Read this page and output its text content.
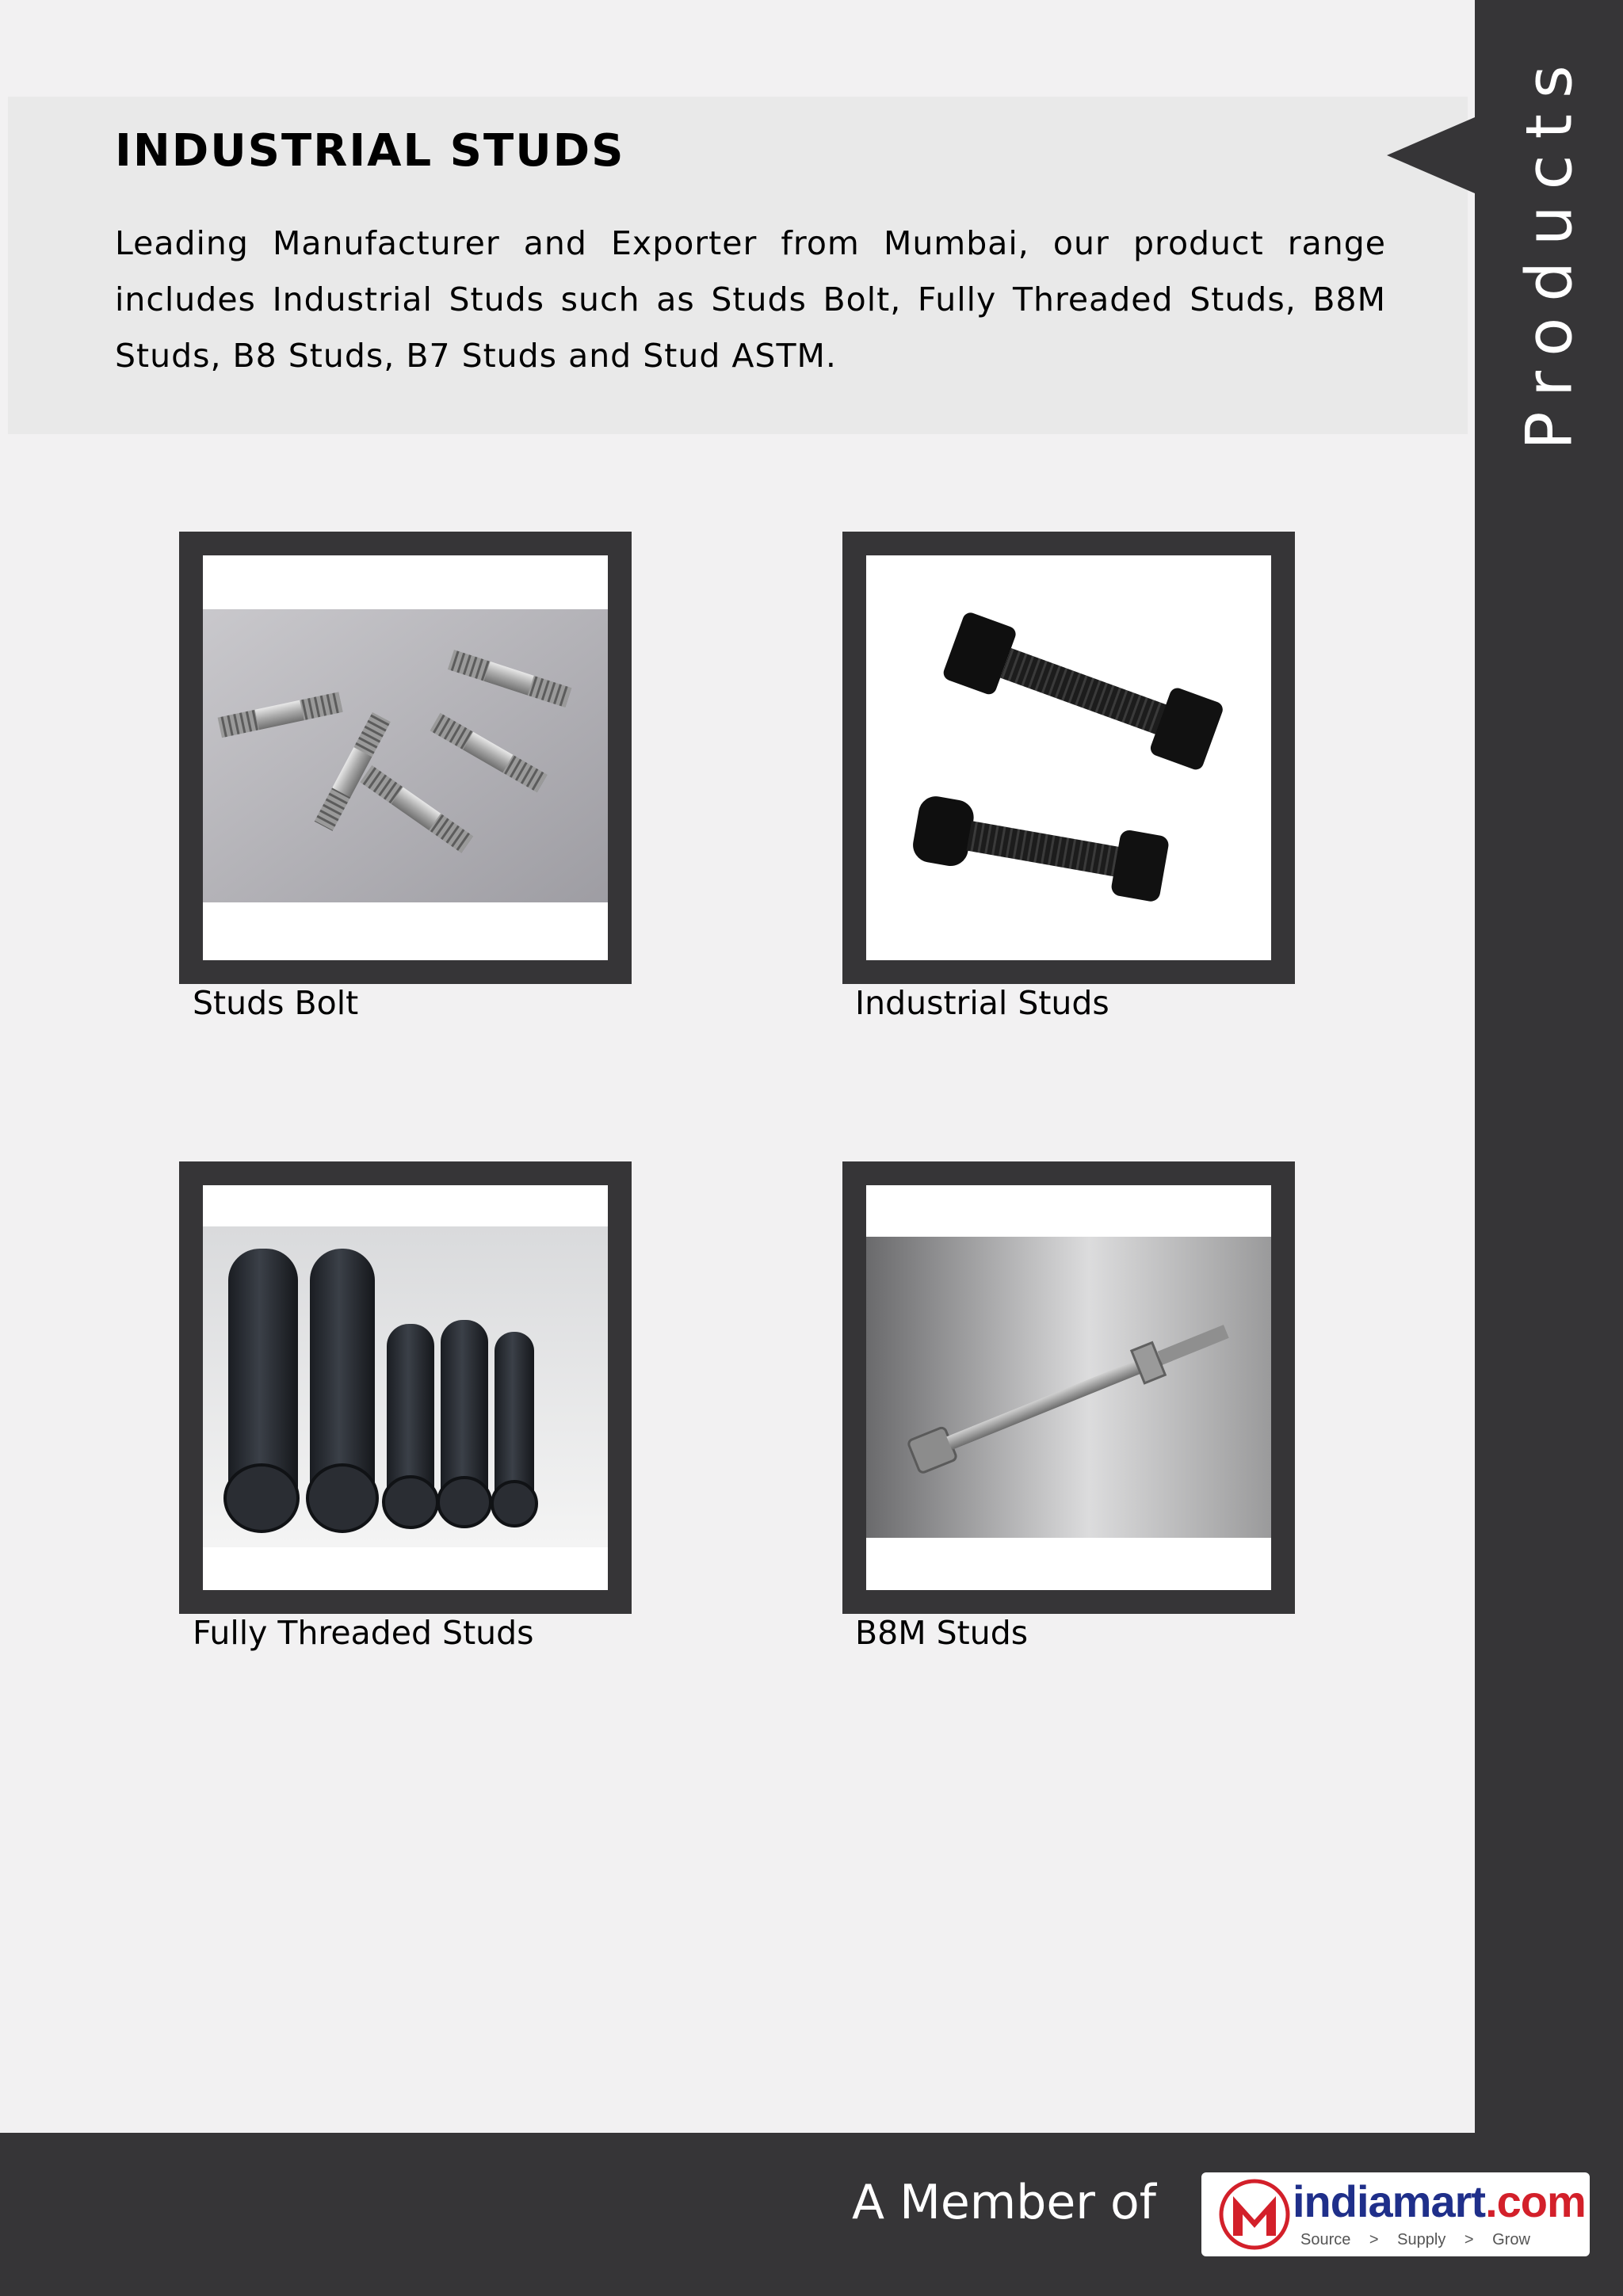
INDUSTRIAL STUDS

Leading Manufacturer and Exporter from Mumbai, our product range includes Industrial Studs such as Studs Bolt, Fully Threaded Studs, B8M Studs, B8 Studs, B7 Studs and Stud ASTM.	Products
Studs Bolt	Industrial Studs
Fully Threaded Studs	B8M Studs
A Member of	indiamart.com
Source > Supply > Grow
